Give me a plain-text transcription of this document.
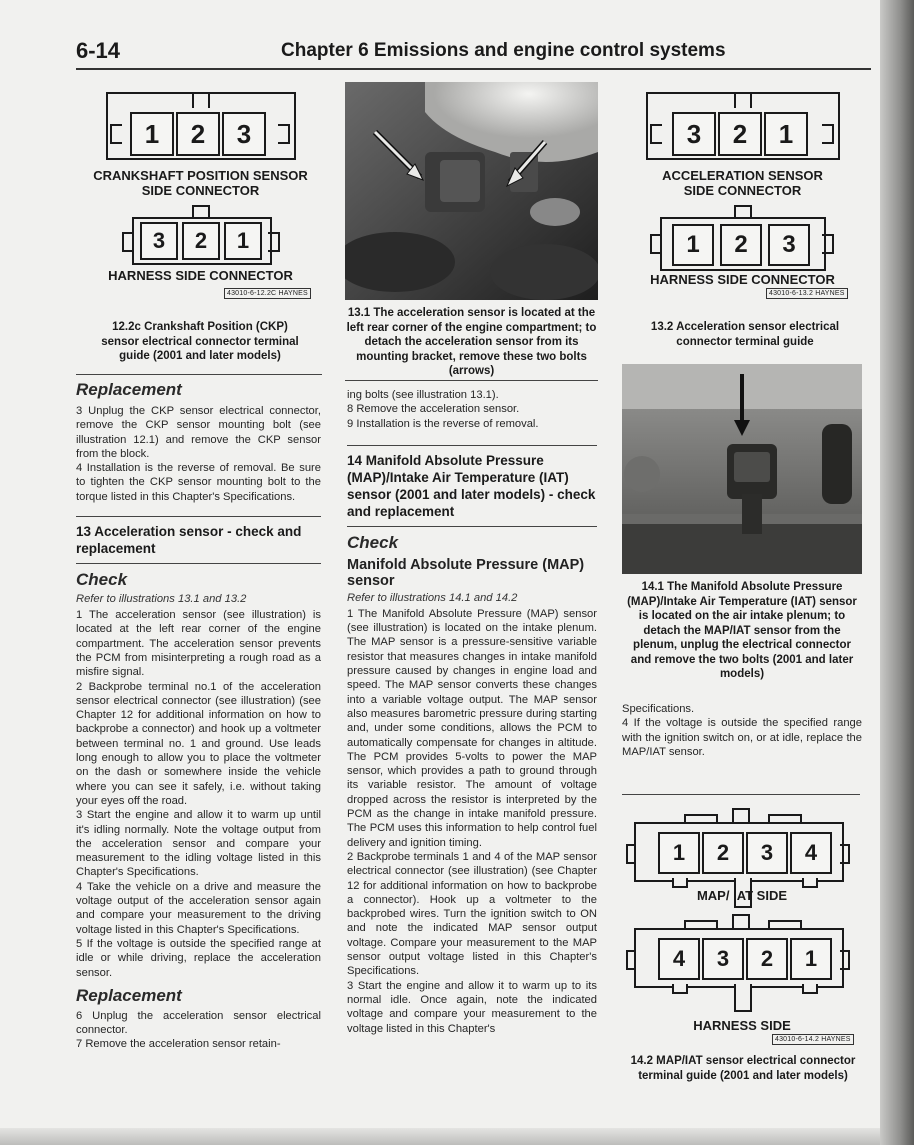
6-14	Chapter 6 Emissions and engine control systems
1	2	3
CRANKSHAFT POSITION SENSOR
SIDE CONNECTOR
3	2	1
HARNESS SIDE CONNECTOR
43010-6-12.2C HAYNES
12.2c Crankshaft Position (CKP) sensor electrical connector terminal guide (2001 and later models)
Replacement

3 Unplug the CKP sensor electrical connector, remove the CKP sensor mounting bolt (see illustration 12.1) and remove the CKP sensor from the block.

4 Installation is the reverse of removal. Be sure to tighten the CKP sensor mounting bolt to the torque listed in this Chapter's Specifications.

13 Acceleration sensor - check and replacement
Check

Refer to illustrations 13.1 and 13.2

1 The acceleration sensor (see illustration) is located at the left rear corner of the engine compartment. The acceleration sensor prevents the PCM from misinterpreting a rough road as a misfire signal.

2 Backprobe terminal no.1 of the acceleration sensor electrical connector (see illustration) (see Chapter 12 for additional information on how to backprobe a connector) and hook up a voltmeter between terminal no. 1 and ground. Use leads long enough to allow you to place the voltmeter on the dash or somewhere inside the vehicle where you can see it safely, i.e. without taking your eyes off the road.

3 Start the engine and allow it to warm up until it's idling normally. Note the voltage output from the acceleration sensor and compare your measurement to the idling voltage listed in this Chapter's Specifications.

4 Take the vehicle on a drive and measure the voltage output of the acceleration sensor again and compare your measurement to the driving voltage listed in this Chapter's Specifications.

5 If the voltage is outside the specified range at idle or while driving, replace the acceleration sensor.

Replacement

6 Unplug the acceleration sensor electrical connector.

7 Remove the acceleration sensor retain-

13.1 The acceleration sensor is located at the left rear corner of the engine compartment; to detach the acceleration sensor from its mounting bracket, remove these two bolts (arrows)

ing bolts (see illustration 13.1).

8 Remove the acceleration sensor.

9 Installation is the reverse of removal.

14 Manifold Absolute Pressure (MAP)/Intake Air Temperature (IAT) sensor (2001 and later models) - check and replacement
Check
Manifold Absolute Pressure (MAP) sensor

Refer to illustrations 14.1 and 14.2

1 The Manifold Absolute Pressure (MAP) sensor (see illustration) is located on the intake plenum. The MAP sensor is a pressure-sensitive variable resistor that measures changes in intake manifold pressure caused by changes in engine load and speed. The MAP sensor converts these changes into a variable voltage output. The MAP sensor also measures barometric pressure during starting and, under some conditions, allows the PCM to automatically compensate for changes in altitude. The PCM provides 5-volts to power the MAP sensor, which provides a path to ground through its variable resistor. The amount of voltage dropped across the resistor is interpreted by the PCM as the change in intake manifold pressure. The PCM uses this information to help control fuel delivery and ignition timing.

2 Backprobe terminals 1 and 4 of the MAP sensor electrical connector (see illustration) (see Chapter 12 for additional information on how to backprobe a connector). Hook up a voltmeter to the backprobed wires. Turn the ignition switch to ON and note the indicated MAP sensor output voltage. Compare your measurement to the MAP sensor output voltage listed in this Chapter's Specifications.

3 Start the engine and allow it to warm up to its normal idle. Once again, note the indicated voltage and compare your measurement to the voltage listed in this Chapter's

3	2	1
ACCELERATION SENSOR
SIDE CONNECTOR
1	2	3
HARNESS SIDE CONNECTOR
43010-6-13.2 HAYNES
13.2 Acceleration sensor electrical connector terminal guide
14.1 The Manifold Absolute Pressure (MAP)/Intake Air Temperature (IAT) sensor is located on the air intake plenum; to detach the MAP/IAT sensor from the plenum, unplug the electrical connector and remove the two bolts (2001 and later models)

Specifications.

4 If the voltage is outside the specified range with the ignition switch on, or at idle, replace the MAP/IAT sensor.

1	2	3	4
MAP/ IAT SIDE
4	3	2	1
HARNESS SIDE
43010-6-14.2 HAYNES
14.2 MAP/IAT sensor electrical connector terminal guide (2001 and later models)
